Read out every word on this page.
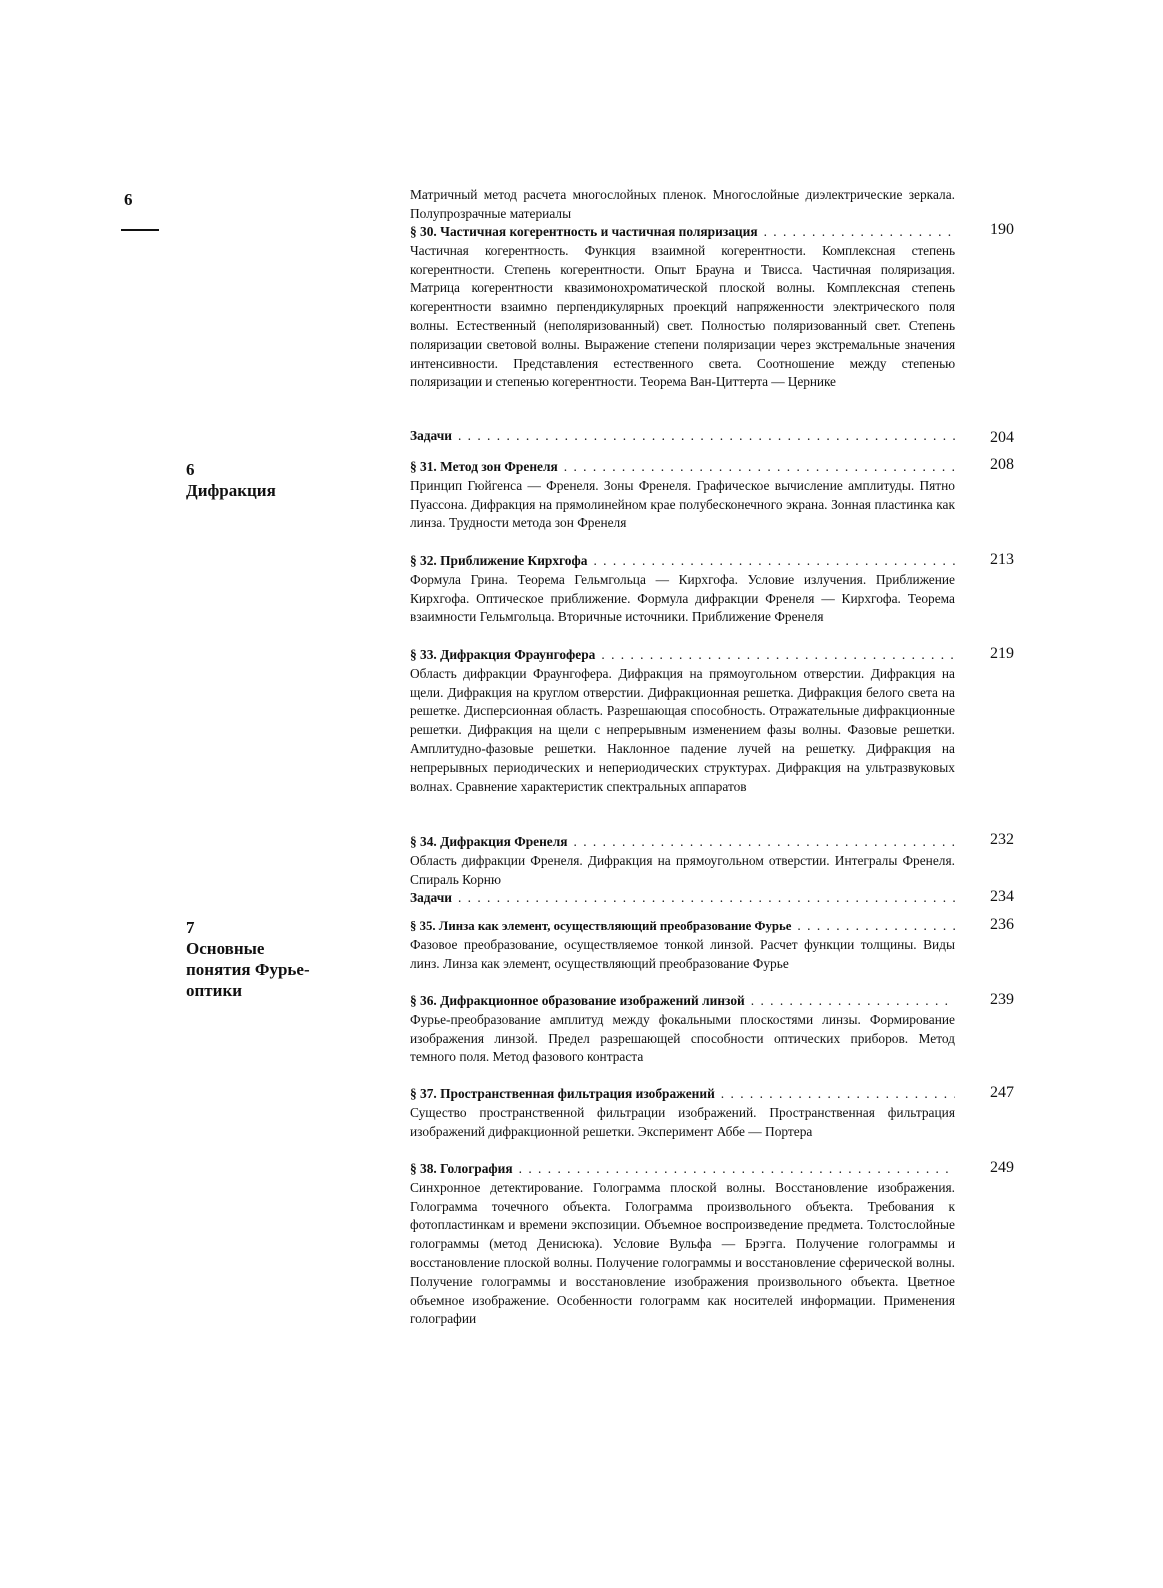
6
6
Дифракция
7
Основные понятия Фурье-оптики
Матричный метод расчета многослойных пленок. Многослойные диэлектрические зеркала. Полупрозрачные материалы
§ 30. Частичная когерентность и частичная поляризация
. . .
Частичная когерентность. Функция взаимной когерентности. Комплексная степень когерентности. Степень когерентности. Опыт Брауна и Твисса. Частичная поляризация. Матрица когерентности квазимонохроматической плоской волны. Комплексная степень когерентности взаимно перпендикулярных проекций напряженности электрического поля волны. Естественный (неполяризованный) свет. Полностью поляризованный свет. Степень поляризации световой волны. Выражение степени поляризации через экстремальные значения интенсивности. Представления естественного света. Соотношение между степенью поляризации и степенью когерентности. Теорема Ван-Циттерта — Цернике
190
Задачи . . .	204
§ 31. Метод зон Френеля
. . .
Принцип Гюйгенса — Френеля. Зоны Френеля. Графическое вычисление амплитуды. Пятно Пуассона. Дифракция на прямолинейном крае полубесконечного экрана. Зонная пластинка как линза. Трудности метода зон Френеля
208
§ 32. Приближение Кирхгофа
. . .
Формула Грина. Теорема Гельмгольца — Кирхгофа. Условие излучения. Приближение Кирхгофа. Оптическое приближение. Формула дифракции Френеля — Кирхгофа. Теорема взаимности Гельмгольца. Вторичные источники. Приближение Френеля
213
§ 33. Дифракция Фраунгофера
. . .
Область дифракции Фраунгофера. Дифракция на прямоугольном отверстии. Дифракция на щели. Дифракция на круглом отверстии. Дифракционная решетка. Дифракция белого света на решетке. Дисперсионная область. Разрешающая способность. Отражательные дифракционные решетки. Дифракция на щели с непрерывным изменением фазы волны. Фазовые решетки. Амплитудно-фазовые решетки. Наклонное падение лучей на решетку. Дифракция на непрерывных периодических и непериодических структурах. Дифракция на ультразвуковых волнах. Сравнение характеристик спектральных аппаратов
219
§ 34. Дифракция Френеля
. . .
Область дифракции Френеля. Дифракция на прямоугольном отверстии. Интегралы Френеля. Спираль Корню
232
Задачи . . .	234
§ 35. Линза как элемент, осуществляющий преобразование Фурье
. . .
Фазовое преобразование, осуществляемое тонкой линзой. Расчет функции толщины. Виды линз. Линза как элемент, осуществляющий преобразование Фурье
236
§ 36. Дифракционное образование изображений линзой
. . .
Фурье-преобразование амплитуд между фокальными плоскостями линзы. Формирование изображения линзой. Предел разрешающей способности оптических приборов. Метод темного поля. Метод фазового контраста
239
§ 37. Пространственная фильтрация изображений
. . .
Существо пространственной фильтрации изображений. Пространственная фильтрация изображений дифракционной решетки. Эксперимент Аббе — Портера
247
§ 38. Голография
. . .
Синхронное детектирование. Голограмма плоской волны. Восстановление изображения. Голограмма точечного объекта. Голограмма произвольного объекта. Требования к фотопластинкам и времени экспозиции. Объемное воспроизведение предмета. Толстослойные голограммы (метод Денисюка). Условие Вульфа — Брэгга. Получение голограммы и восстановление плоской волны. Получение голограммы и восстановление сферической волны. Получение голограммы и восстановление изображения произвольного объекта. Цветное объемное изображение. Особенности голограмм как носителей информации. Применения голографии
249
